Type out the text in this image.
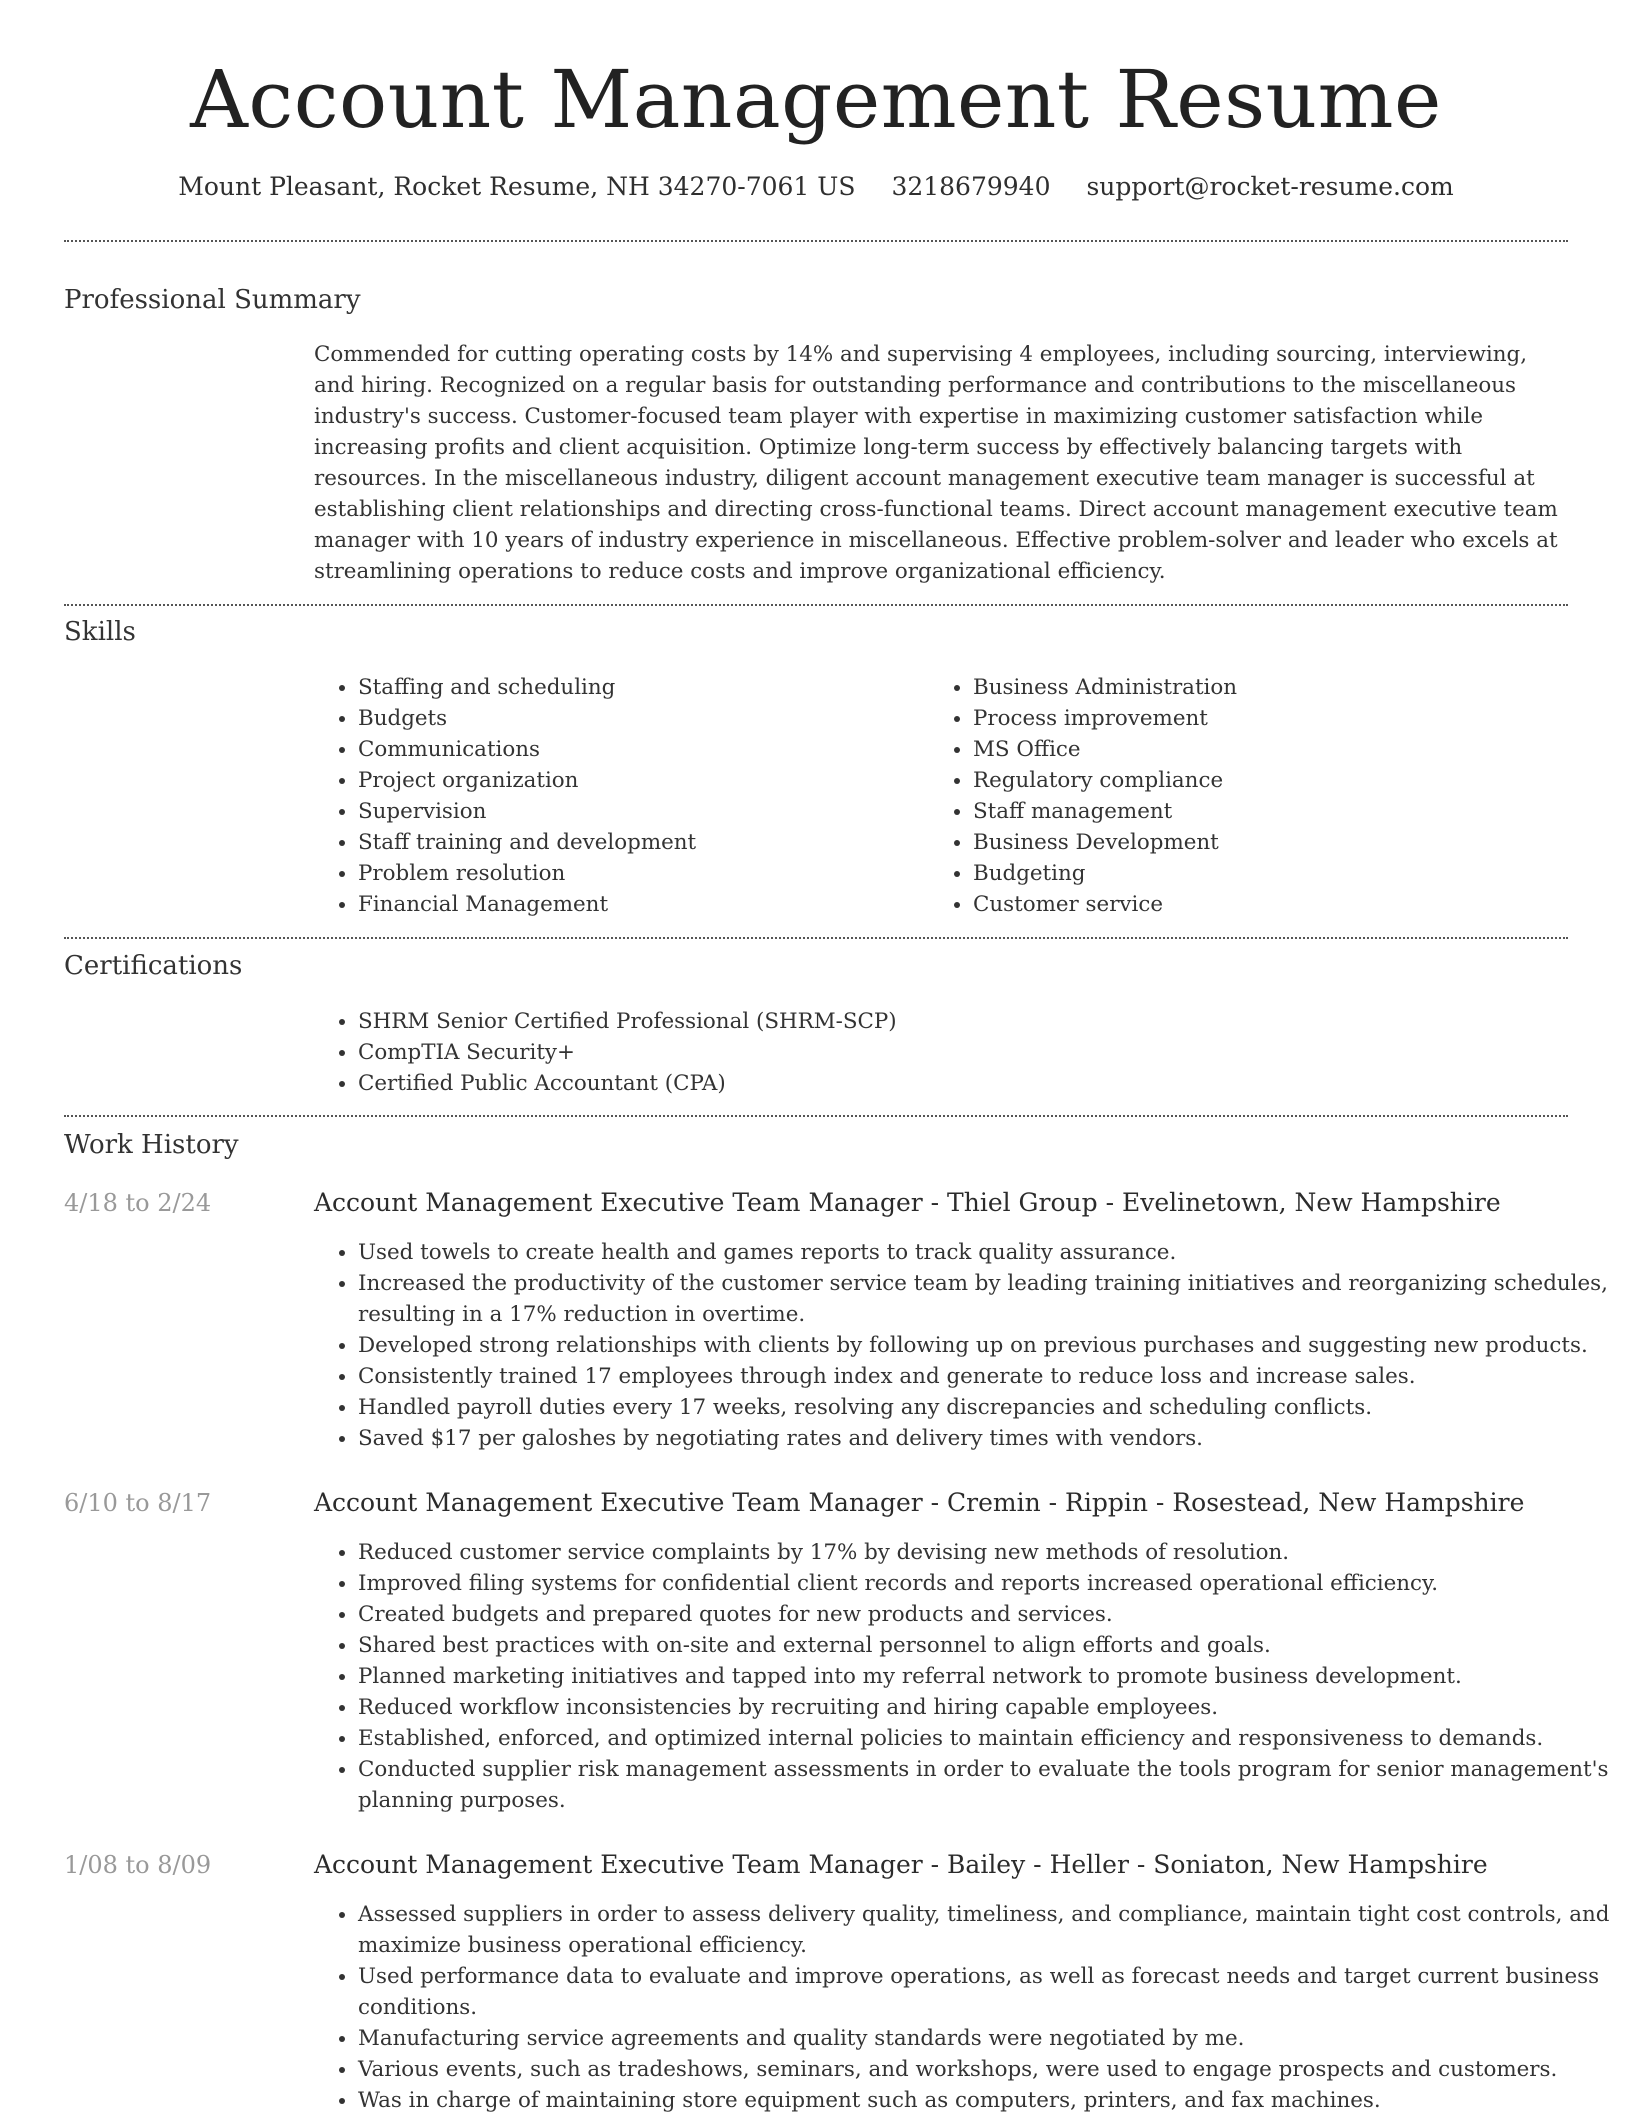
Account Management Resume
Mount Pleasant, Rocket Resume, NH 34270-7061 US 3218679940 support@rocket-resume.com
Professional Summary

Commended for cutting operating costs by 14% and supervising 4 employees, including sourcing, interviewing, and hiring. Recognized on a regular basis for outstanding performance and contributions to the miscellaneous industry's success. Customer-focused team player with expertise in maximizing customer satisfaction while increasing profits and client acquisition. Optimize long-term success by effectively balancing targets with resources. In the miscellaneous industry, diligent account management executive team manager is successful at establishing client relationships and directing cross-functional teams. Direct account management executive team manager with 10 years of industry experience in miscellaneous. Effective problem-solver and leader who excels at streamlining operations to reduce costs and improve organizational efficiency.

Skills
• Staffing and scheduling
• Budgets
• Communications
• Project organization
• Supervision
• Staff training and development
• Problem resolution
• Financial Management
• Business Administration
• Process improvement
• MS Office
• Regulatory compliance
• Staff management
• Business Development
• Budgeting
• Customer service
Certifications
• SHRM Senior Certified Professional (SHRM-SCP)
• CompTIA Security+
• Certified Public Accountant (CPA)
Work History
4/18 to 2/24	Account Management Executive Team Manager - Thiel Group - Evelinetown, New Hampshire
• Used towels to create health and games reports to track quality assurance.
• Increased the productivity of the customer service team by leading training initiatives and reorganizing schedules, resulting in a 17% reduction in overtime.
• Developed strong relationships with clients by following up on previous purchases and suggesting new products.
• Consistently trained 17 employees through index and generate to reduce loss and increase sales.
• Handled payroll duties every 17 weeks, resolving any discrepancies and scheduling conflicts.
• Saved $17 per galoshes by negotiating rates and delivery times with vendors.
6/10 to 8/17	Account Management Executive Team Manager - Cremin - Rippin - Rosestead, New Hampshire
• Reduced customer service complaints by 17% by devising new methods of resolution.
• Improved filing systems for confidential client records and reports increased operational efficiency.
• Created budgets and prepared quotes for new products and services.
• Shared best practices with on-site and external personnel to align efforts and goals.
• Planned marketing initiatives and tapped into my referral network to promote business development.
• Reduced workflow inconsistencies by recruiting and hiring capable employees.
• Established, enforced, and optimized internal policies to maintain efficiency and responsiveness to demands.
• Conducted supplier risk management assessments in order to evaluate the tools program for senior management's planning purposes.
1/08 to 8/09	Account Management Executive Team Manager - Bailey - Heller - Soniaton, New Hampshire
• Assessed suppliers in order to assess delivery quality, timeliness, and compliance, maintain tight cost controls, and maximize business operational efficiency.
• Used performance data to evaluate and improve operations, as well as forecast needs and target current business conditions.
• Manufacturing service agreements and quality standards were negotiated by me.
• Various events, such as tradeshows, seminars, and workshops, were used to engage prospects and customers.
• Was in charge of maintaining store equipment such as computers, printers, and fax machines.
